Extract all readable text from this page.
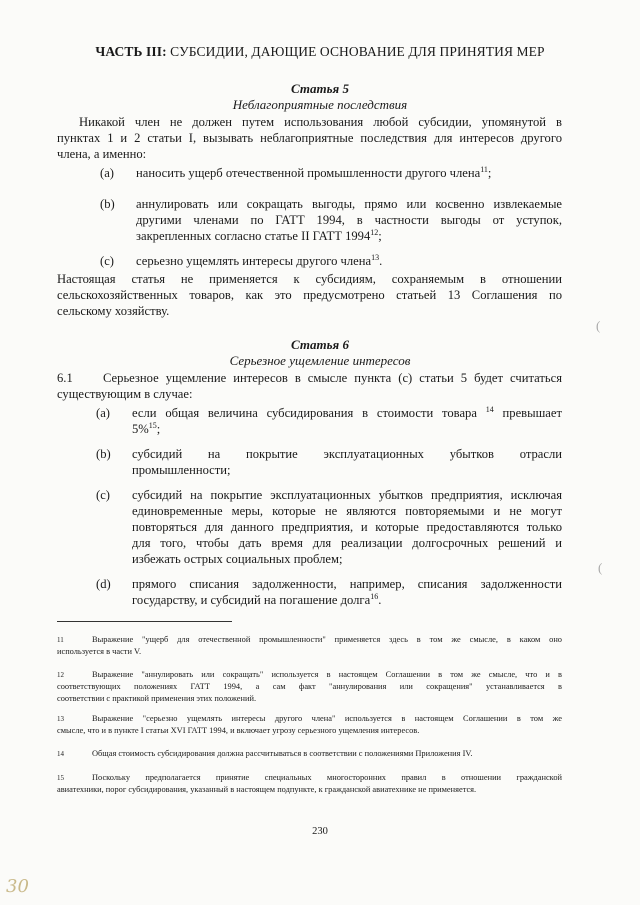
ЧАСТЬ III: СУБСИДИИ, ДАЮЩИЕ ОСНОВАНИЕ ДЛЯ ПРИНЯТИЯ МЕР
Статья 5
Неблагоприятные последствия
Никакой член не должен путем использования любой субсидии, упомянутой в
пунктах 1 и 2 статьи I, вызывать неблагоприятные последствия для интересов другого
члена, а именно:
(a) наносить ущерб отечественной промышленности другого члена$^{11}$;
(b) аннулировать или сокращать выгоды, прямо или косвенно извлекаемые
другими членами по ГАТТ 1994, в частности выгоды от уступок,
закрепленных согласно статье II ГАТТ 1994$^{12}$;
(c) серьезно ущемлять интересы другого члена$^{13}$.
Настоящая статья не применяется к субсидиям, сохраняемым в отношении
сельскохозяйственных товаров, как это предусмотрено статьей 13 Соглашения по
сельскому хозяйству.
Статья 6
Серьезное ущемление интересов
6.1 Серьезное ущемление интересов в смысле пункта (с) статьи 5 будет считаться
существующим в случае:
(a) если общая величина субсидирования в стоимости товара $^{14}$ превышает
5%$^{15}$;
(b) субсидий на покрытие эксплуатационных убытков отрасли
промышленности;
(c) субсидий на покрытие эксплуатационных убытков предприятия, исключая
единовременные меры, которые не являются повторяемыми и не могут
повторяться для данного предприятия, и которые предоставляются только
для того, чтобы дать время для реализации долгосрочных решений и
избежать острых социальных проблем;
(d) прямого списания задолженности, например, списания задолженности
государству, и субсидий на погашение долга$^{16}$.
11	Выражение "ущерб для отечественной промышленности" применяется здесь в том же смысле, в каком оно
используется в части V.
12	Выражение "аннулировать или сокращать" используется в настоящем Соглашении в том же смысле, что и в
соответствующих положениях ГАТТ 1994, а сам факт "аннулирования или сокращения" устанавливается в
соответствии с практикой применения этих положений.
13	Выражение "серьезно ущемлять интересы другого члена" используется в настоящем Соглашении в том же
смысле, что и в пункте I статьи XVI ГАТТ 1994, и включает угрозу серьезного ущемления интересов.
14	Общая стоимость субсидирования должна рассчитываться в соответствии с положениями Приложения IV.
15	Поскольку предполагается принятие специальных многосторонних правил в отношении гражданской
авиатехники, порог субсидирования, указанный в настоящем подпункте, к гражданской авиатехнике не применяется.
230
30
(
(
